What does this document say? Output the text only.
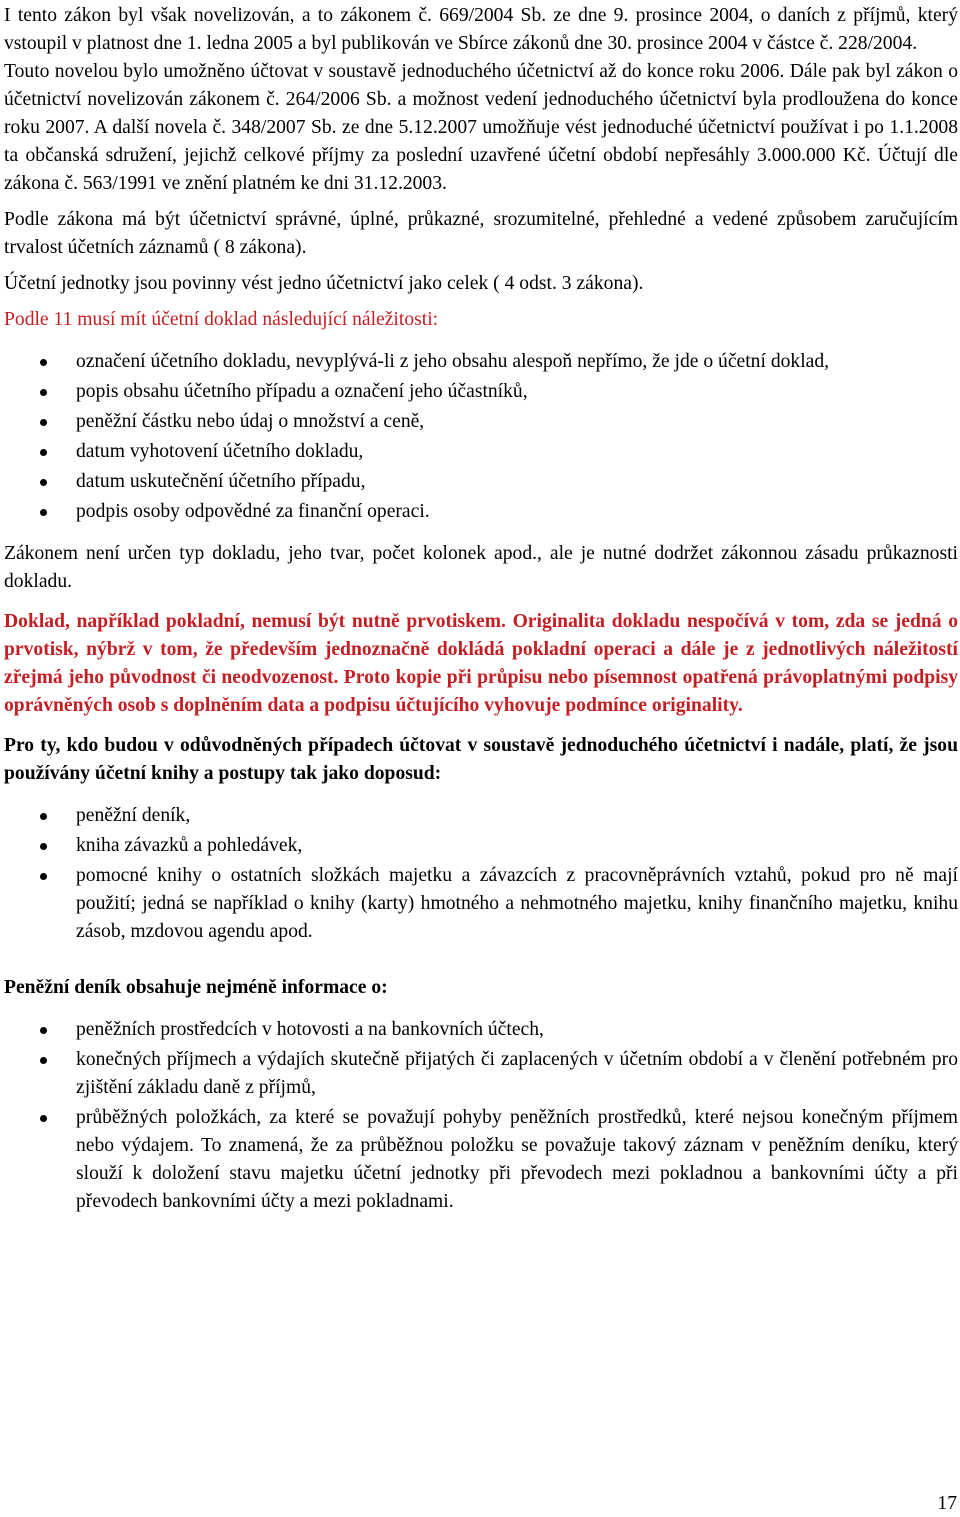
I tento zákon byl však novelizován, a to zákonem č. 669/2004 Sb. ze dne 9. prosince 2004, o daních z příjmů, který vstoupil v platnost dne 1. ledna 2005 a byl publikován ve Sbírce zákonů dne 30. prosince 2004 v částce č. 228/2004.

Touto novelou bylo umožněno účtovat v soustavě jednoduchého účetnictví až do konce roku 2006. Dále pak byl zákon o účetnictví novelizován zákonem č. 264/2006 Sb. a možnost vedení jednoduchého účetnictví byla prodloužena do konce roku 2007. A další novela č. 348/2007 Sb. ze dne 5.12.2007 umožňuje vést jednoduché účetnictví používat i po 1.1.2008 ta občanská sdružení, jejichž celkové příjmy za poslední uzavřené účetní období nepřesáhly 3.000.000 Kč. Účtují dle zákona č. 563/1991 ve znění platném ke dni 31.12.2003.

Podle zákona má být účetnictví správné, úplné, průkazné, srozumitelné, přehledné a vedené způsobem zaručujícím trvalost účetních záznamů ( 8 zákona).

Účetní jednotky jsou povinny vést jedno účetnictví jako celek ( 4 odst. 3 zákona).

Podle 11 musí mít účetní doklad následující náležitosti:

označení účetního dokladu, nevyplývá-li z jeho obsahu alespoň nepřímo, že jde o účetní doklad,
popis obsahu účetního případu a označení jeho účastníků,
peněžní částku nebo údaj o množství a ceně,
datum vyhotovení účetního dokladu,
datum uskutečnění účetního případu,
podpis osoby odpovědné za finanční operaci.

Zákonem není určen typ dokladu, jeho tvar, počet kolonek apod., ale je nutné dodržet zákonnou zásadu průkaznosti dokladu.

Doklad, například pokladní, nemusí být nutně prvotiskem. Originalita dokladu nespočívá v tom, zda se jedná o prvotisk, nýbrž v tom, že především jednoznačně dokládá pokladní operaci a dále je z jednotlivých náležitostí zřejmá jeho původnost či neodvozenost. Proto kopie při průpisu nebo písemnost opatřená právoplatnými podpisy oprávněných osob s doplněním data a podpisu účtujícího vyhovuje podmínce originality.

Pro ty, kdo budou v odůvodněných případech účtovat v soustavě jednoduchého účetnictví i nadále, platí, že jsou používány účetní knihy a postupy tak jako doposud:

peněžní deník,
kniha závazků a pohledávek,
pomocné knihy o ostatních složkách majetku a závazcích z pracovněprávních vztahů, pokud pro ně mají použití; jedná se například o knihy (karty) hmotného a nehmotného majetku, knihy finančního majetku, knihu zásob, mzdovou agendu apod.

Peněžní deník obsahuje nejméně informace o:

peněžních prostředcích v hotovosti a na bankovních účtech,
konečných příjmech a výdajích skutečně přijatých či zaplacených v účetním období a v členění potřebném pro zjištění základu daně z příjmů,
průběžných položkách, za které se považují pohyby peněžních prostředků, které nejsou konečným příjmem nebo výdajem. To znamená, že za průběžnou položku se považuje takový záznam v peněžním deníku, který slouží k doložení stavu majetku účetní jednotky při převodech mezi pokladnou a bankovními účty a při převodech bankovními účty a mezi pokladnami.
17
